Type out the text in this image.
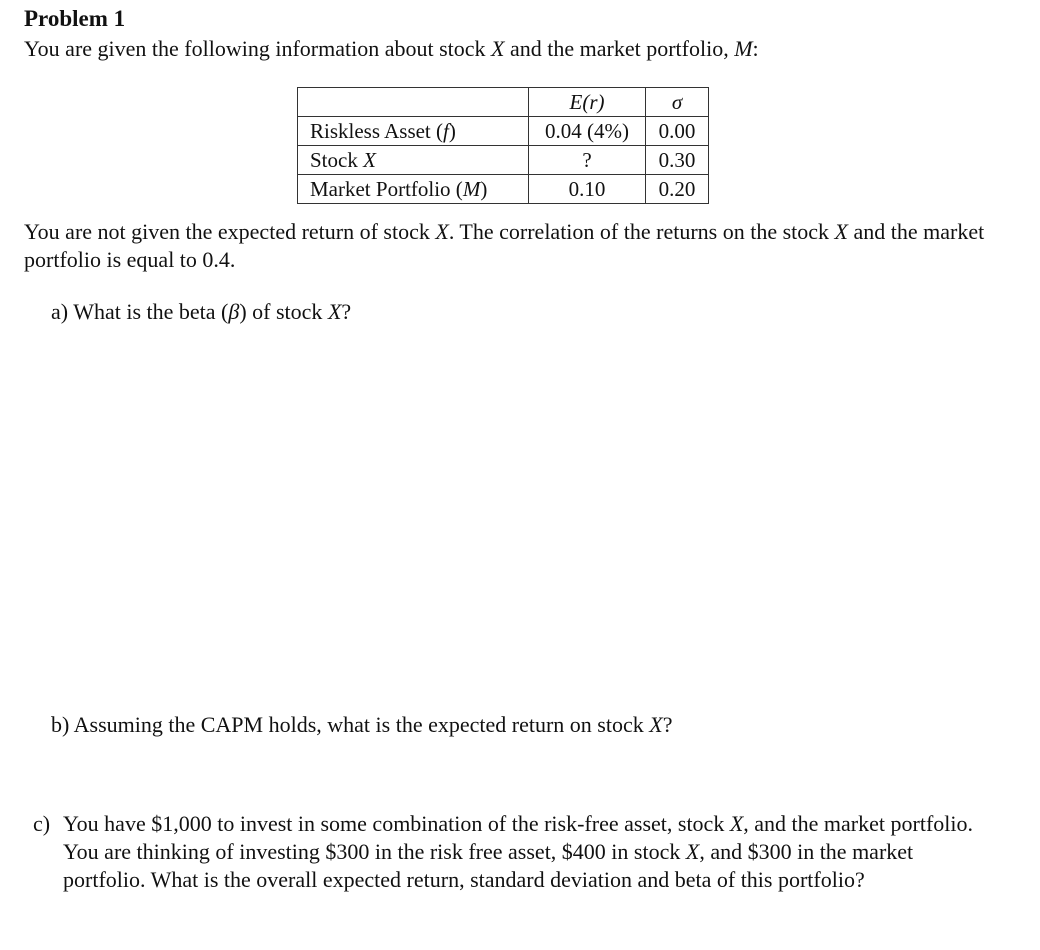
Problem 1

You are given the following information about stock X and the market portfolio, M:

	E(r)	σ
Riskless Asset (f)	0.04 (4%)	0.00
Stock X	?	0.30
Market Portfolio (M)	0.10	0.20

You are not given the expected return of stock X. The correlation of the returns on the stock X and the market portfolio is equal to 0.4.

a) What is the beta (β) of stock X?

b) Assuming the CAPM holds, what is the expected return on stock X?

c) You have $1,000 to invest in some combination of the risk-free asset, stock X, and the market portfolio. You are thinking of investing $300 in the risk free asset, $400 in stock X, and $300 in the market portfolio. What is the overall expected return, standard deviation and beta of this portfolio?
